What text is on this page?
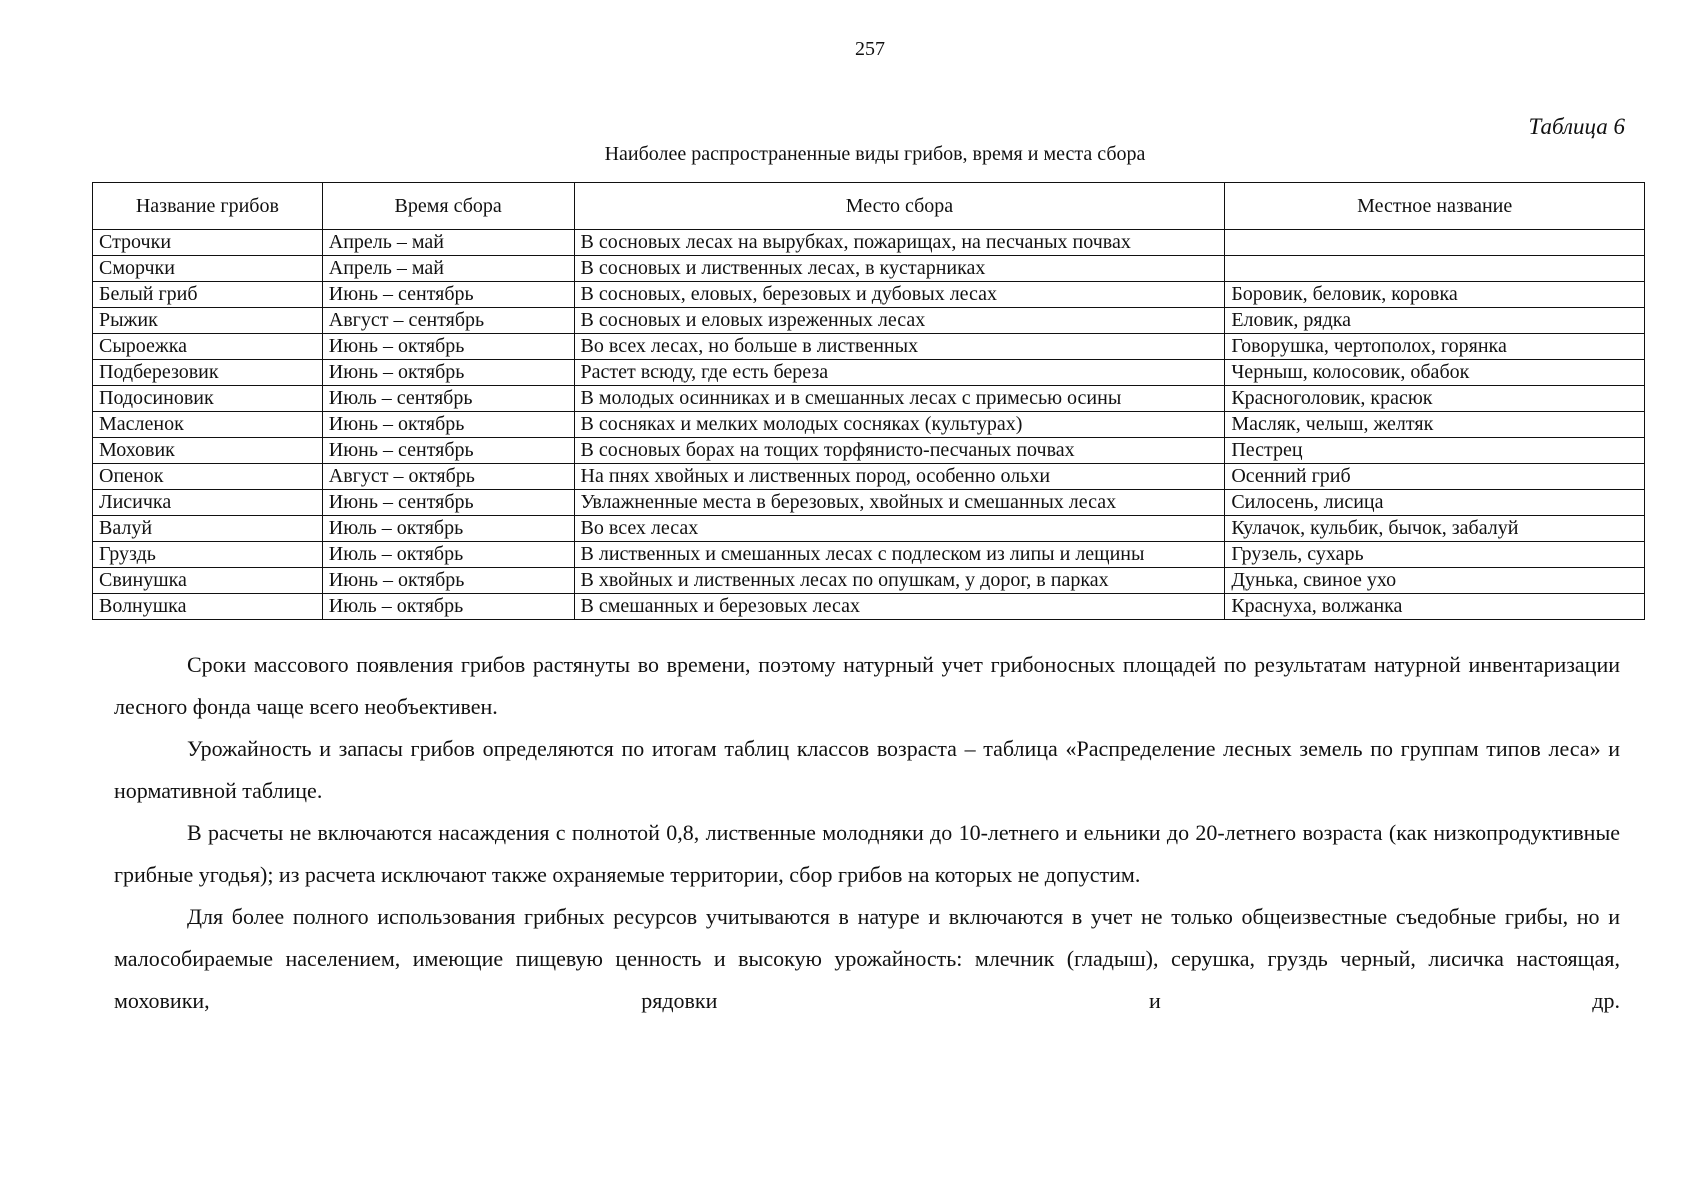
257
Таблица 6
Наиболее распространенные виды грибов, время и места сбора
Название грибов	Время сбора	Место сбора	Местное название
Строчки	Апрель – май	В сосновых лесах на вырубках, пожарищах, на песчаных почвах	
Сморчки	Апрель – май	В сосновых и лиственных лесах, в кустарниках	
Белый гриб	Июнь – сентябрь	В сосновых, еловых, березовых и дубовых лесах	Боровик, беловик, коровка
Рыжик	Август – сентябрь	В сосновых и еловых изреженных лесах	Еловик, рядка
Сыроежка	Июнь – октябрь	Во всех лесах, но больше в лиственных	Говорушка, чертополох, горянка
Подберезовик	Июнь – октябрь	Растет всюду, где есть береза	Черныш, колосовик, обабок
Подосиновик	Июль – сентябрь	В молодых осинниках и в смешанных лесах с примесью осины	Красноголовик, красюк
Масленок	Июнь – октябрь	В сосняках и мелких молодых сосняках (культурах)	Масляк, челыш, желтяк
Моховик	Июнь – сентябрь	В сосновых борах на тощих торфянисто-песчаных почвах	Пестрец
Опенок	Август – октябрь	На пнях хвойных и лиственных пород, особенно ольхи	Осенний гриб
Лисичка	Июнь – сентябрь	Увлажненные места в березовых, хвойных и смешанных лесах	Силосень, лисица
Валуй	Июль – октябрь	Во всех лесах	Кулачок, кульбик, бычок, забалуй
Груздь	Июль – октябрь	В лиственных и смешанных лесах с подлеском из липы и лещины	Грузель, сухарь
Свинушка	Июнь – октябрь	В хвойных и лиственных лесах по опушкам, у дорог, в парках	Дунька, свиное ухо
Волнушка	Июль – октябрь	В смешанных и березовых лесах	Краснуха, волжанка

Сроки массового появления грибов растянуты во времени, поэтому натурный учет грибоносных площадей по результатам натурной инвентаризации лесного фонда чаще всего необъективен.

Урожайность и запасы грибов определяются по итогам таблиц классов возраста – таблица «Распределение лесных земель по группам типов леса» и нормативной таблице.

В расчеты не включаются насаждения с полнотой 0,8, лиственные молодняки до 10-летнего и ельники до 20-летнего возраста (как низкопродуктивные грибные угодья); из расчета исключают также охраняемые территории, сбор грибов на которых не допустим.

Для более полного использования грибных ресурсов учитываются в натуре и включаются в учет не только общеизвестные съедобные грибы, но и малособираемые населением, имеющие пищевую ценность и высокую урожайность: млечник (гладыш), серушка, груздь черный, лисичка настоящая, моховики, рядовки и др.
